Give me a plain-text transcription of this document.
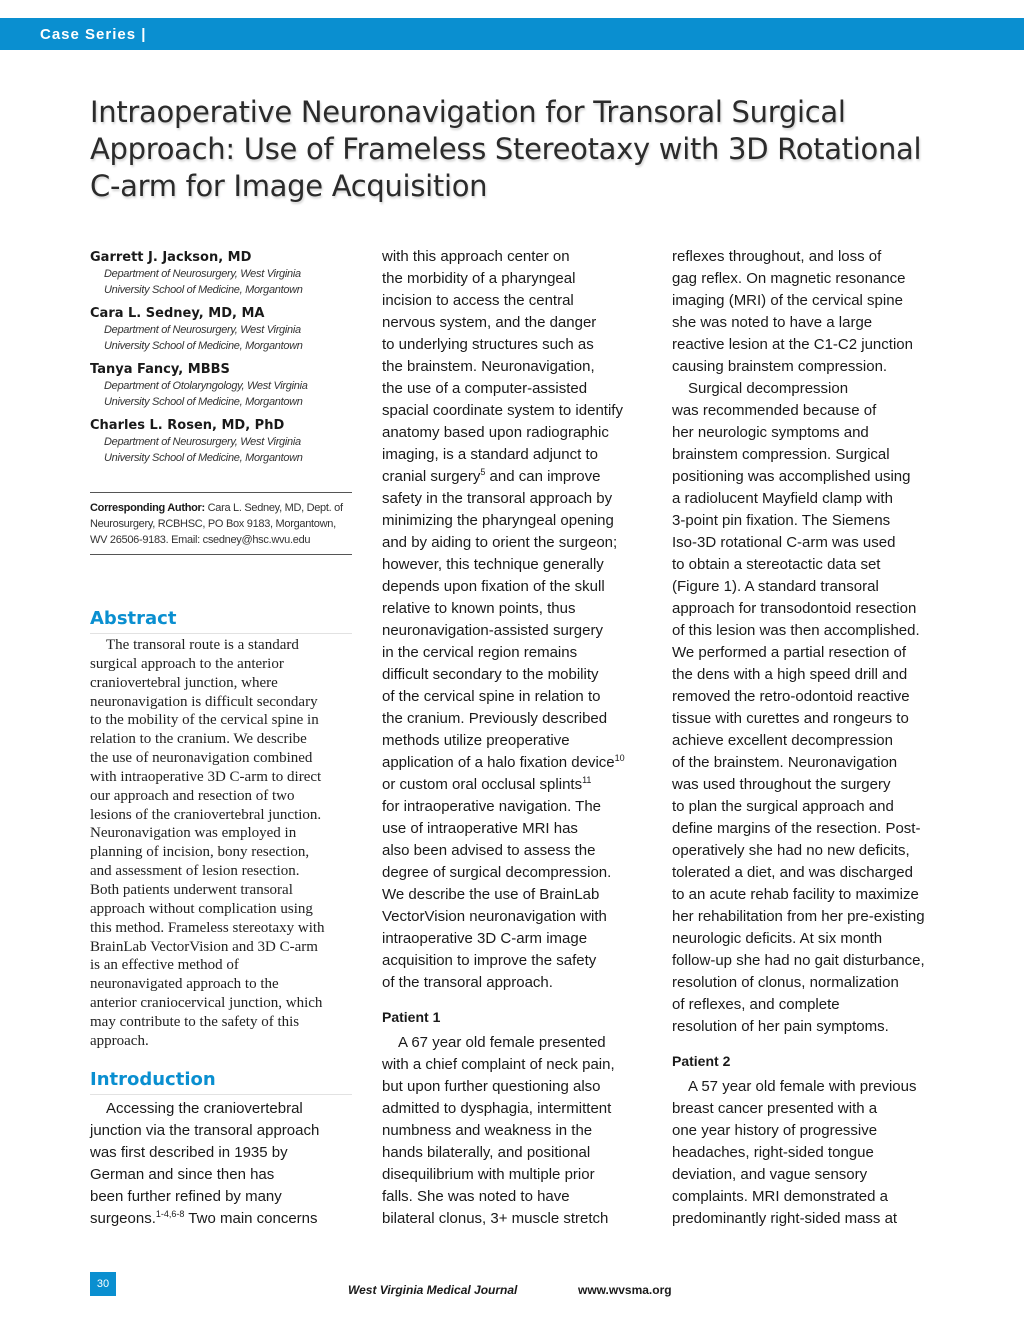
Case Series |
Intraoperative Neuronavigation for Transoral Surgical
Approach: Use of Frameless Stereotaxy with 3D Rotational
C-arm for Image Acquisition
Garrett J. Jackson, MD
Department of Neurosurgery, West Virginia
University School of Medicine, Morgantown
Cara L. Sedney, MD, MA
Department of Neurosurgery, West Virginia
University School of Medicine, Morgantown
Tanya Fancy, MBBS
Department of Otolaryngology, West Virginia
University School of Medicine, Morgantown
Charles L. Rosen, MD, PhD
Department of Neurosurgery, West Virginia
University School of Medicine, Morgantown
Corresponding Author: Cara L. Sedney, MD, Dept. of
Neurosurgery, RCBHSC, PO Box 9183, Morgantown,
WV 26506-9183. Email: csedney@hsc.wvu.edu
Abstract
The transoral route is a standard
surgical approach to the anterior
craniovertebral junction, where
neuronavigation is difficult secondary
to the mobility of the cervical spine in
relation to the cranium. We describe
the use of neuronavigation combined
with intraoperative 3D C-arm to direct
our approach and resection of two
lesions of the craniovertebral junction.
Neuronavigation was employed in
planning of incision, bony resection,
and assessment of lesion resection.
Both patients underwent transoral
approach without complication using
this method. Frameless stereotaxy with
BrainLab VectorVision and 3D C-arm
is an effective method of
neuronavigated approach to the
anterior craniocervical junction, which
may contribute to the safety of this
approach.
Introduction
Accessing the craniovertebral
junction via the transoral approach
was first described in 1935 by
German and since then has
been further refined by many
surgeons.$^{1-4,6-8}$ Two main concerns
with this approach center on
the morbidity of a pharyngeal
incision to access the central
nervous system, and the danger
to underlying structures such as
the brainstem. Neuronavigation,
the use of a computer-assisted
spacial coordinate system to identify
anatomy based upon radiographic
imaging, is a standard adjunct to
cranial surgery$^5$ and can improve
safety in the transoral approach by
minimizing the pharyngeal opening
and by aiding to orient the surgeon;
however, this technique generally
depends upon fixation of the skull
relative to known points, thus
neuronavigation-assisted surgery
in the cervical region remains
difficult secondary to the mobility
of the cervical spine in relation to
the cranium. Previously described
methods utilize preoperative
application of a halo fixation device$^{10}$
or custom oral occlusal splints$^{11}$
for intraoperative navigation. The
use of intraoperative MRI has
also been advised to assess the
degree of surgical decompression.
We describe the use of BrainLab
VectorVision neuronavigation with
intraoperative 3D C-arm image
acquisition to improve the safety
of the transoral approach.
Patient 1
A 67 year old female presented
with a chief complaint of neck pain,
but upon further questioning also
admitted to dysphagia, intermittent
numbness and weakness in the
hands bilaterally, and positional
disequilibrium with multiple prior
falls. She was noted to have
bilateral clonus, 3+ muscle stretch
reflexes throughout, and loss of
gag reflex. On magnetic resonance
imaging (MRI) of the cervical spine
she was noted to have a large
reactive lesion at the C1-C2 junction
causing brainstem compression.
Surgical decompression
was recommended because of
her neurologic symptoms and
brainstem compression. Surgical
positioning was accomplished using
a radiolucent Mayfield clamp with
3-point pin fixation. The Siemens
Iso-3D rotational C-arm was used
to obtain a stereotactic data set
(Figure 1). A standard transoral
approach for transodontoid resection
of this lesion was then accomplished.
We performed a partial resection of
the dens with a high speed drill and
removed the retro-odontoid reactive
tissue with curettes and rongeurs to
achieve excellent decompression
of the brainstem. Neuronavigation
was used throughout the surgery
to plan the surgical approach and
define margins of the resection. Post-
operatively she had no new deficits,
tolerated a diet, and was discharged
to an acute rehab facility to maximize
her rehabilitation from her pre-existing
neurologic deficits. At six month
follow-up she had no gait disturbance,
resolution of clonus, normalization
of reflexes, and complete
resolution of her pain symptoms.
Patient 2
A 57 year old female with previous
breast cancer presented with a
one year history of progressive
headaches, right-sided tongue
deviation, and vague sensory
complaints. MRI demonstrated a
predominantly right-sided mass at
30	West Virginia Medical Journal	www.wvsma.org
